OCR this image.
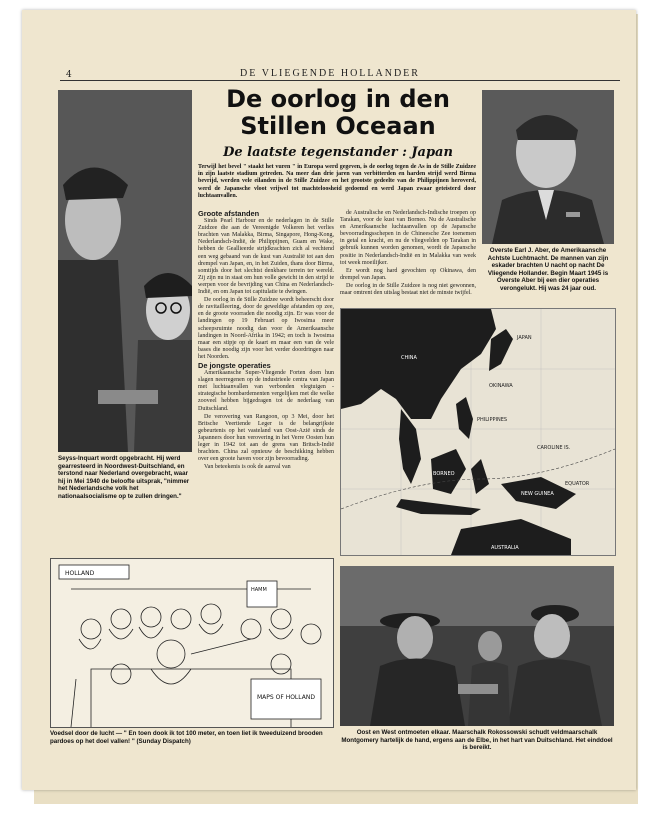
4	DE VLIEGENDE HOLLANDER
Seyss-Inquart wordt opgebracht. Hij werd gearresteerd in Noordwest-Duitschland, en terstond naar Nederland overgebracht, waar hij in Mei 1940 de beloofte uitsprak, "nimmer het Nederlandsche volk het nationaalsocialisme op te zullen dringen."
De oorlog in den Stillen Oceaan
De laatste tegenstander : Japan
Terwijl het bevel " staakt het vuren " in Europa werd gegeven, is de oorlog tegen de As in de Stille Zuidzee in zijn laatste stadium getreden. Na meer dan drie jaren van verbitterden en harden strijd werd Birma bevrijd, werden vele eilanden in de Stille Zuidzee en het grootste gedeelte van de Philippijnen heroverd, werd de Japansche vloot vrijwel tot machteloosheid gedoemd en werd Japan zwaar geteisterd door luchtaanvallen.

Groote afstanden

Sinds Pearl Harbour en de nederlagen in de Stille Zuidzee die aan de Vereenigde Volkeren het verlies brachten van Malakka, Birma, Singapore, Hong-Kong, Nederlandsch-Indië, de Philippijnen, Guam en Wake, hebben de Geallieerde strijdkrachten zich al vechtend een weg gebaand van de kust van Australië tot aan den drempel van Japan, en, in het Zuiden, thans door Birma, somtijds door het slechtst denkbare terrein ter wereld. Zij zijn nu in staat om hun volle gewicht in den strijd te werpen voor de bevrijding van China en Nederlandsch-Indië, en om Japan tot capitulatie te dwingen.

De oorlog in de Stille Zuidzee wordt beheerscht door de ravitailleering, door de geweldige afstanden op zee, en de groote voorraden die noodig zijn. Er was voor de landingen op 19 Februari op Iwosima meer scheepsruimte noodig dan voor de Amerikaansche landingen in Noord-Afrika in 1942; en toch is Iwosima maar een stipje op de kaart en maar een van de vele bases die noodig zijn voor het verder doordringen naar het Noorden.

De jongste operaties

Amerikaansche Super-Vliegende Forten doen hun slagen neerregenen op de industrieele centra van Japan met luchtaanvallen van verbonden vlegtuigen - strategische bombardementen vergelijken met die welke zooveel hebben bijgedragen tot de nederlaag van Duitschland.

De verovering van Rangoon, op 3 Mei, door het Britsche Veertiende Leger is de belangrijkste gebeurtenis op het vasteland van Oost-Azië sinds de Japanners door hun verovering in het Verre Oosten hun leger in 1942 tot aan de grens van Britsch-Indië brachten. China zal opnieuw de beschikking hebben over een groote haven voor zijn bevoorrading.

Van beteekenis is ook de aanval van

de Australische en Nederlandsch-Indische troepen op Tarakan, voor de kust van Borneo. Nu de Australische en Amerikaansche luchtaanvallen op de Japansche bevoorradingsschepen in de Chineesche Zee toenemen in getal en kracht, en nu de vliegvelden op Tarakan in gebruik kunnen worden genomen, wordt de Japansche positie in Nederlandsch-Indië en in Malakka van week tot week moeilijker.

Er wordt nog hard gevochten op Okinawa, den drempel van Japan.

De oorlog in de Stille Zuidzee is nog niet gewonnen, maar omtrent den uitslag bestaat niet de minste twijfel.

Overste Earl J. Aber, de Amerikaansche Achtste Luchtmacht. De mannen van zijn eskader brachten U nacht op nacht De Vliegende Hollander. Begin Maart 1945 is Overste Aber bij een dier operaties verongelukt. Hij was 24 jaar oud.
CHINA
JAPAN
OKINAWA
PHILIPPINES
BORNEO
CAROLINE IS.
EQUATOR
NEW GUINEA
AUSTRALIA
HOLLAND
HAMM
MAPS OF HOLLAND
Voedsel door de lucht — " En toen dook ik tot 100 meter, en toen liet ik tweeduizend brooden pardoes op het doel vallen! " (Sunday Dispatch)
Oost en West ontmoeten elkaar. Maarschalk Rokossowski schudt veldmaarschalk Montgomery hartelijk de hand, ergens aan de Elbe, in het hart van Duitschland. Het einddoel is bereikt.
